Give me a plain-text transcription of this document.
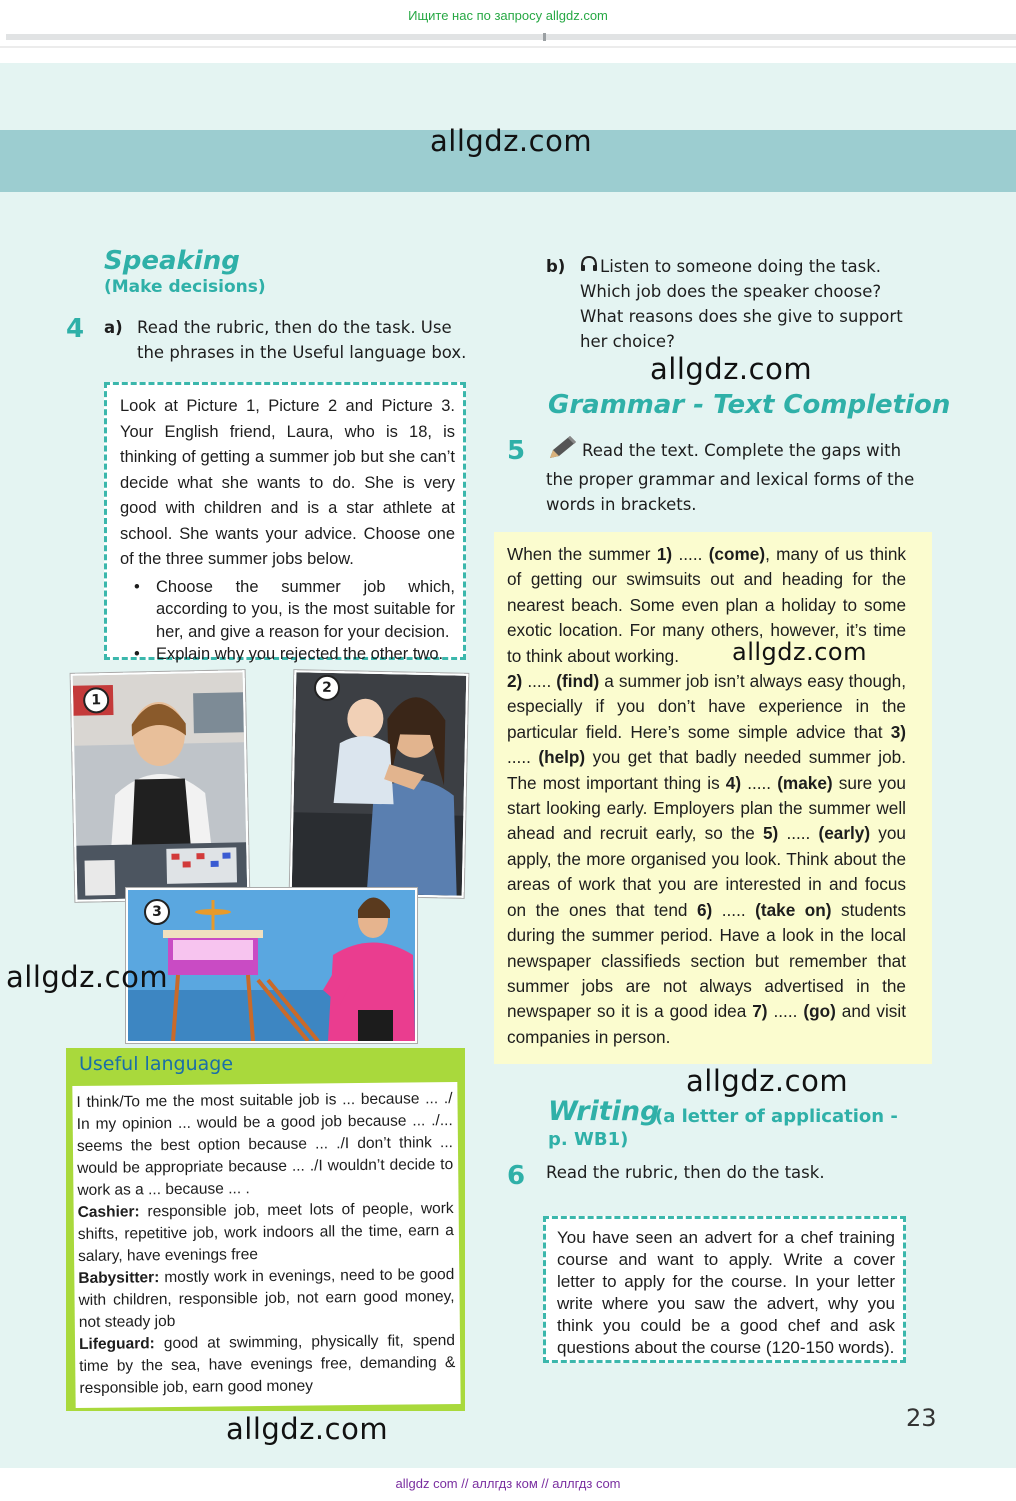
Ищите нас по запросу allgdz.com
allgdz.com
Speaking
(Make decisions)
4 a) Read the rubric, then do the task. Use
the phrases in the Useful language box.
Look at Picture 1, Picture 2 and Picture 3. Your English friend, Laura, who is 18, is thinking of getting a summer job but she can’t decide what she wants to do. She is very good with children and is a star athlete at school. She wants your advice. Choose one of the three summer jobs below.
• Choose the summer job which, according to you, is the most suitable for her, and give a reason for your decision.
• Explain why you rejected the other two.
1
2
3
allgdz.com
Useful language
I think/To me the most suitable job is ... because ... ./ In my opinion ... would be a good job because ... ./... seems the best option because ... ./I don’t think ... would be appropriate because ... ./I wouldn’t decide to work as a ... because ... .
Cashier: responsible job, meet lots of people, work shifts, repetitive job, work indoors all the time, earn a salary, have evenings free
Babysitter: mostly work in evenings, need to be good with children, responsible job, not earn good money, not steady job
Lifeguard: good at swimming, physically fit, spend time by the sea, have evenings free, demanding & responsible job, earn good money
allgdz.com
b)	Listen to someone doing the task.
Which job does the speaker choose?
What reasons does she give to support
her choice?
allgdz.com
Grammar - Text Completion
5	Read the text. Complete the gaps with
the proper grammar and lexical forms of the
words in brackets.
When the summer 1) ..... (come), many of us think of getting our swimsuits out and heading for the nearest beach. Some even plan a holiday to some exotic location. For many others, however, it’s time to think about working.
2) ..... (find) a summer job isn’t always easy though, especially if you don’t have experience in the particular field. Here’s some simple advice that 3) ..... (help) you get that badly needed summer job. The most important thing is 4) ..... (make) sure you start looking early. Employers plan the summer well ahead and recruit early, so the 5) ..... (early) you apply, the more organised you look. Think about the areas of work that you are interested in and focus on the ones that tend 6) ..... (take on) students during the summer period. Have a look in the local newspaper classifieds section but remember that summer jobs are not always advertised in the newspaper so it is a good idea 7) ..... (go) and visit companies in person.
allgdz.com
allgdz.com
Writing
(a letter of application -
p. WB1)
6 Read the rubric, then do the task.
You have seen an advert for a chef training course and want to apply. Write a cover letter to apply for the course. In your letter write where you saw the advert, why you think you could be a good chef and ask questions about the course (120-150 words).
23
allgdz com // аллгдз ком // аллгдз com
